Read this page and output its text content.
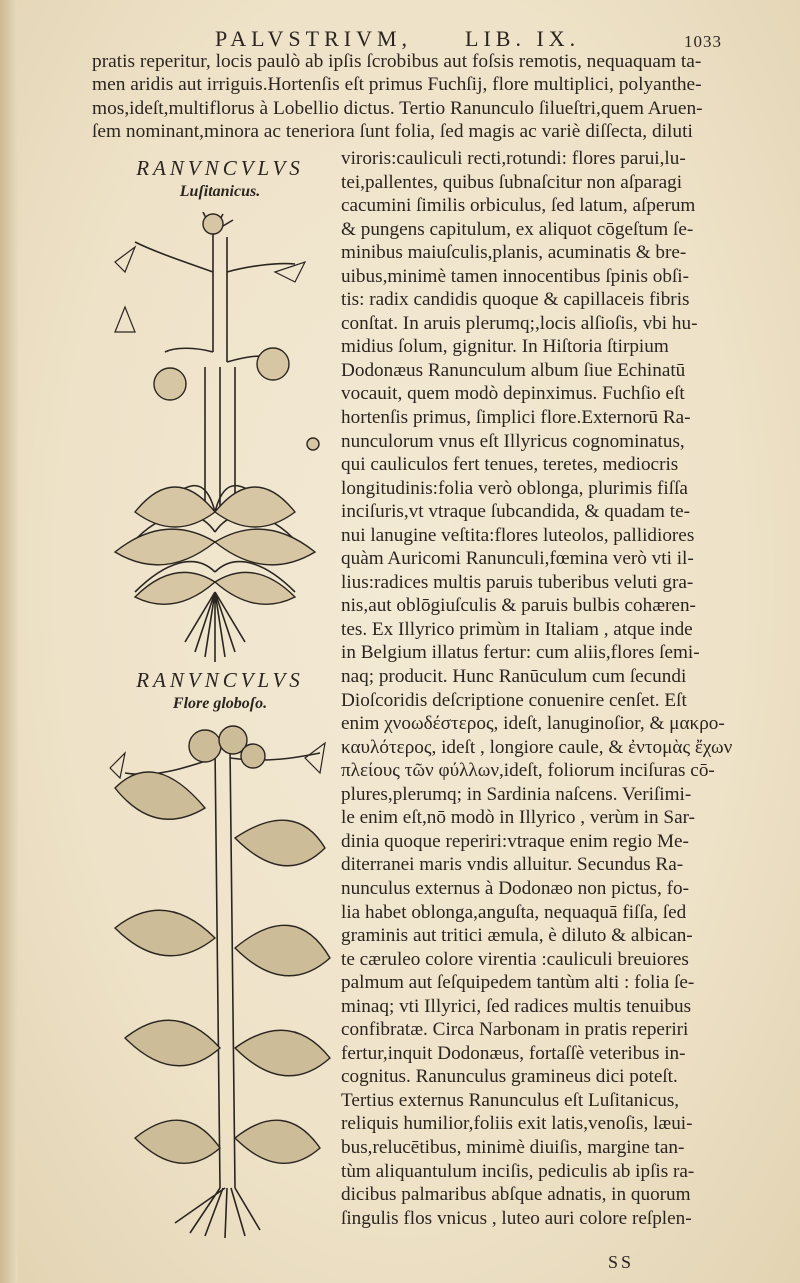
PALVSTRIVM, LIB. IX.	1033
pratis reperitur, locis paulò ab ipſis ſcrobibus aut foſsis remotis, nequaquam ta-
men aridis aut irriguis.Hortenſis eſt primus Fuchſij, flore multiplici, polyanthe-
mos,ideſt,multiflorus à Lobellio dictus. Tertio Ranunculo ſilueſtri,quem Aruen-
ſem nominant,minora ac teneriora ſunt folia, ſed magis ac variè diſſecta, diluti
RANVNCVLVS
Luſitanicus.
RANVNCVLVS
Flore globoſo.
viroris:cauliculi recti,rotundi: flores parui,lu-
tei,pallentes, quibus ſubnaſcitur non aſparagi
cacumini ſimilis orbiculus, ſed latum, aſperum
& pungens capitulum, ex aliquot cōgeſtum ſe-
minibus maiuſculis,planis, acuminatis & bre-
uibus,minimè tamen innocentibus ſpinis obſi-
tis: radix candidis quoque & capillaceis fibris
conſtat. In aruis plerumq;,locis alſioſis, vbi hu-
midius ſolum, gignitur. In Hiſtoria ſtirpium
Dodonæus Ranunculum album ſiue Echinatū
vocauit, quem modò depinximus. Fuchſio eſt
hortenſis primus, ſimplici flore.Externorū Ra-
nunculorum vnus eſt Illyricus cognominatus,
qui cauliculos fert tenues, teretes, mediocris
longitudinis:folia verò oblonga, plurimis fiſſa
inciſuris,vt vtraque ſubcandida, & quadam te-
nui lanugine veſtita:flores luteolos, pallidiores
quàm Auricomi Ranunculi,fœmina verò vti il-
lius:radices multis paruis tuberibus veluti gra-
nis,aut oblōgiuſculis & paruis bulbis cohæren-
tes. Ex Illyrico primùm in Italiam , atque inde
in Belgium illatus fertur: cum aliis,flores ſemi-
naq; producit. Hunc Ranūculum cum ſecundi
Dioſcoridis deſcriptione conuenire cenſet. Eſt
enim χνοωδέστερος, ideſt, lanuginoſior, & μακρο-
καυλότερος, ideſt , longiore caule, & ἐντομὰς ἔχων
πλείους τῶν φύλλων,ideſt, foliorum inciſuras cō-
plures,plerumq; in Sardinia naſcens. Veriſimi-
le enim eſt,nō modò in Illyrico , verùm in Sar-
dinia quoque reperiri:vtraque enim regio Me-
diterranei maris vndis alluitur. Secundus Ra-
nunculus externus à Dodonæo non pictus, fo-
lia habet oblonga,anguſta, nequaquā fiſſa, ſed
graminis aut tritici æmula, è diluto & albican-
te cæruleo colore virentia :cauliculi breuiores
palmum aut ſeſquipedem tantùm alti : folia ſe-
minaq; vti Illyrici, ſed radices multis tenuibus
confibratæ. Circa Narbonam in pratis reperiri
fertur,inquit Dodonæus, fortaſſè veteribus in-
cognitus. Ranunculus gramineus dici poteſt.
Tertius externus Ranunculus eſt Luſitanicus,
reliquis humilior,foliis exit latis,venoſis, læui-
bus,relucētibus, minimè diuiſis, margine tan-
tùm aliquantulum inciſis, pediculis ab ipſis ra-
dicibus palmaribus abſque adnatis, in quorum
ſingulis flos vnicus , luteo auri colore reſplen-
SS
